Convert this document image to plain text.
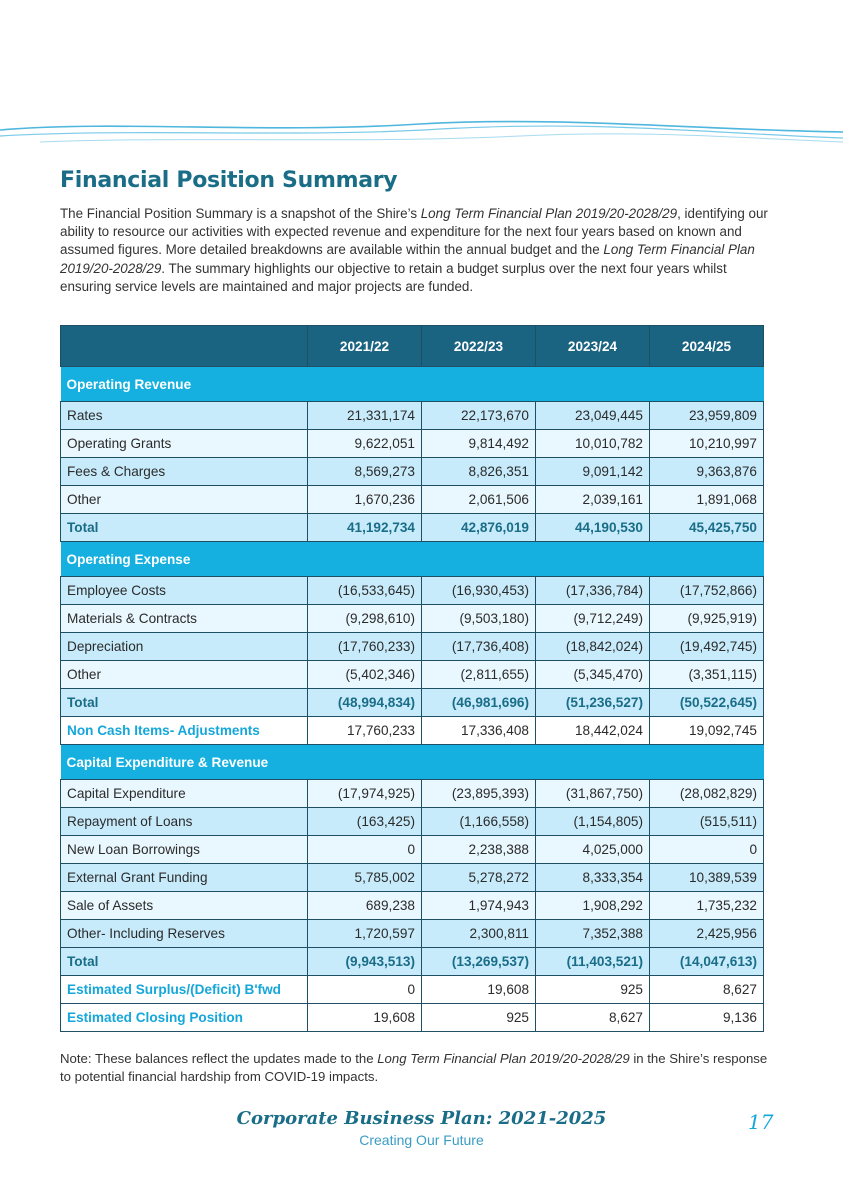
Financial Position Summary

The Financial Position Summary is a snapshot of the Shire’s Long Term Financial Plan 2019/20-2028/29, identifying our ability to resource our activities with expected revenue and expenditure for the next four years based on known and assumed figures. More detailed breakdowns are available within the annual budget and the Long Term Financial Plan 2019/20-2028/29. The summary highlights our objective to retain a budget surplus over the next four years whilst ensuring service levels are maintained and major projects are funded.

	2021/22	2022/23	2023/24	2024/25
Operating Revenue				
Rates	21,331,174	22,173,670	23,049,445	23,959,809
Operating Grants	9,622,051	9,814,492	10,010,782	10,210,997
Fees & Charges	8,569,273	8,826,351	9,091,142	9,363,876
Other	1,670,236	2,061,506	2,039,161	1,891,068
Total	41,192,734	42,876,019	44,190,530	45,425,750
Operating Expense				
Employee Costs	(16,533,645)	(16,930,453)	(17,336,784)	(17,752,866)
Materials & Contracts	(9,298,610)	(9,503,180)	(9,712,249)	(9,925,919)
Depreciation	(17,760,233)	(17,736,408)	(18,842,024)	(19,492,745)
Other	(5,402,346)	(2,811,655)	(5,345,470)	(3,351,115)
Total	(48,994,834)	(46,981,696)	(51,236,527)	(50,522,645)
Non Cash Items- Adjustments	17,760,233	17,336,408	18,442,024	19,092,745
Capital Expenditure & Revenue				
Capital Expenditure	(17,974,925)	(23,895,393)	(31,867,750)	(28,082,829)
Repayment of Loans	(163,425)	(1,166,558)	(1,154,805)	(515,511)
New Loan Borrowings	0	2,238,388	4,025,000	0
External Grant Funding	5,785,002	5,278,272	8,333,354	10,389,539
Sale of Assets	689,238	1,974,943	1,908,292	1,735,232
Other- Including Reserves	1,720,597	2,300,811	7,352,388	2,425,956
Total	(9,943,513)	(13,269,537)	(11,403,521)	(14,047,613)
Estimated Surplus/(Deficit) B'fwd	0	19,608	925	8,627
Estimated Closing Position	19,608	925	8,627	9,136

Note: These balances reflect the updates made to the Long Term Financial Plan 2019/20-2028/29 in the Shire’s response to potential financial hardship from COVID-19 impacts.

Corporate Business Plan: 2021-2025
Creating Our Future
17
